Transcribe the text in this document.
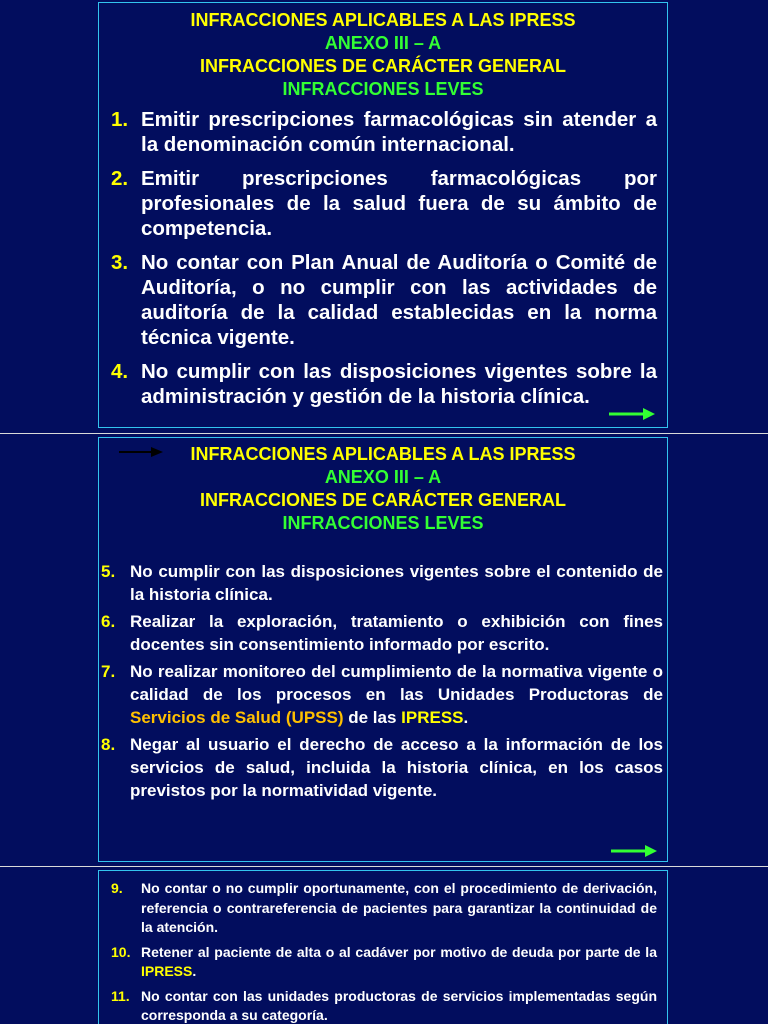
INFRACCIONES APLICABLES A LAS IPRESS
ANEXO III – A
INFRACCIONES DE CARÁCTER GENERAL
INFRACCIONES LEVES
1. Emitir prescripciones farmacológicas sin atender a la denominación común internacional.
2. Emitir prescripciones farmacológicas por profesionales de la salud fuera de su ámbito de competencia.
3. No contar con Plan Anual de Auditoría o Comité de Auditoría, o no cumplir con las actividades de auditoría de la calidad establecidas en la norma técnica vigente.
4. No cumplir con las disposiciones vigentes sobre la administración y gestión de la historia clínica.
INFRACCIONES APLICABLES A LAS IPRESS
ANEXO III – A
INFRACCIONES DE CARÁCTER GENERAL
INFRACCIONES LEVES
5. No cumplir con las disposiciones vigentes sobre el contenido de la historia clínica.
6. Realizar la exploración, tratamiento o exhibición con fines docentes sin consentimiento informado por escrito.
7. No realizar monitoreo del cumplimiento de la normativa vigente o calidad de los procesos en las Unidades Productoras de Servicios de Salud (UPSS) de las IPRESS.
8. Negar al usuario el derecho de acceso a la información de los servicios de salud, incluida la historia clínica, en los casos previstos por la normatividad vigente.
9.	No contar o no cumplir oportunamente, con el procedimiento de derivación, referencia o contrareferencia de pacientes para garantizar la continuidad de la atención.
10. Retener al paciente de alta o al cadáver por motivo de deuda por parte de la IPRESS.
11. No contar con las unidades productoras de servicios implementadas según corresponda a su categoría.
